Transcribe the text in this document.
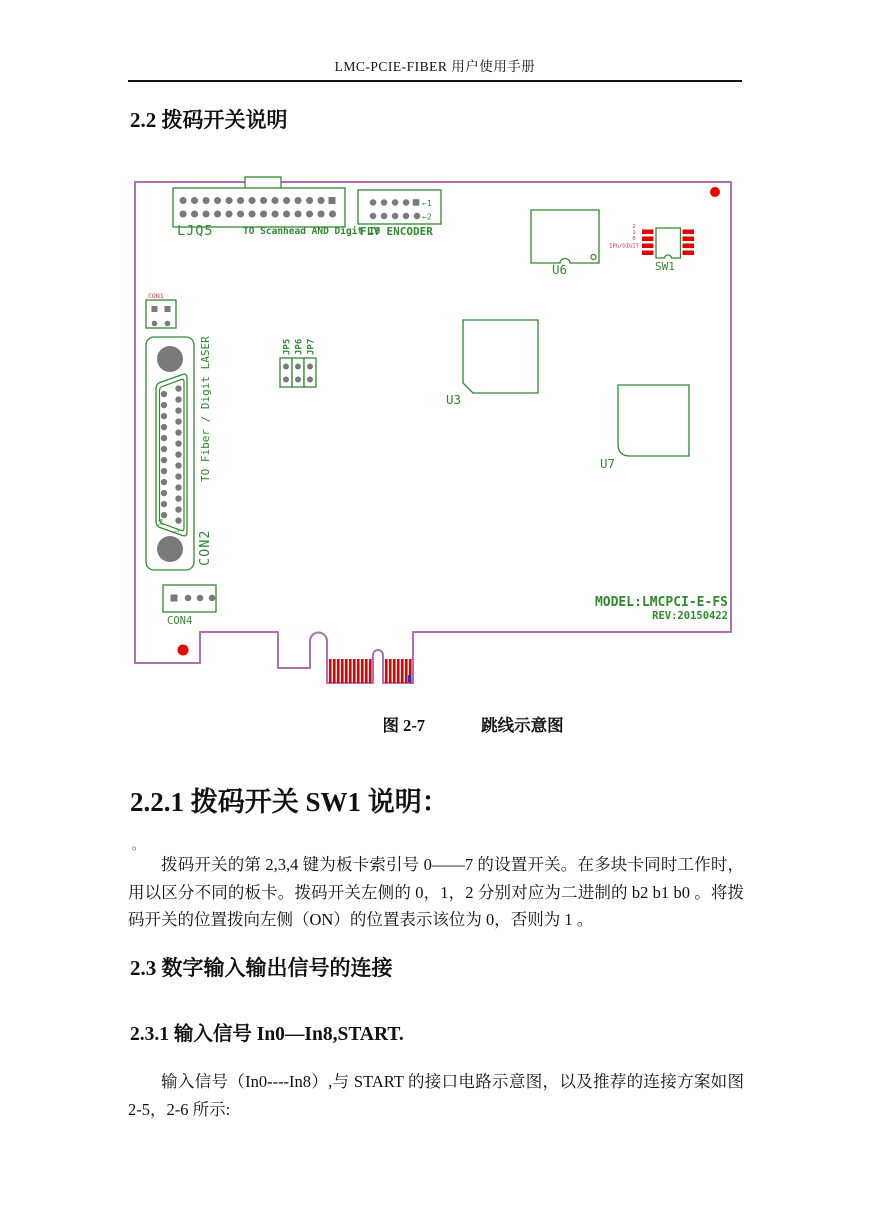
LMC-PCIE-FIBER 用户使用手册
2.2 拨码开关说明
LJQ5	TO Scanhead AND Digit IO
←1
←2
FLY ENCODER
U6
2
1
0
IPG/DIGIT
SW1
CON1
14
1 CON2
TO Fiber / Digit LASER	JP5 JP6 JP7
U3
U7
CON4
MODEL:LMCPCI-E-FS
REV:20150422
图 2-7	跳线示意图
2.2.1 拨码开关 SW1 说明：
。
拨码开关的第 2,3,4 键为板卡索引号 0——7 的设置开关。在多块卡同时工作时，用以区分不同的板卡。拨码开关左侧的 0，1，2 分别对应为二进制的 b2 b1 b0 。将拨码开关的位置拨向左侧（ON）的位置表示该位为 0，否则为 1 。
2.3 数字输入输出信号的连接
2.3.1 输入信号 In0—In8,START.
输入信号（In0----In8）,与 START 的接口电路示意图，以及推荐的连接方案如图 2-5，2-6 所示:
